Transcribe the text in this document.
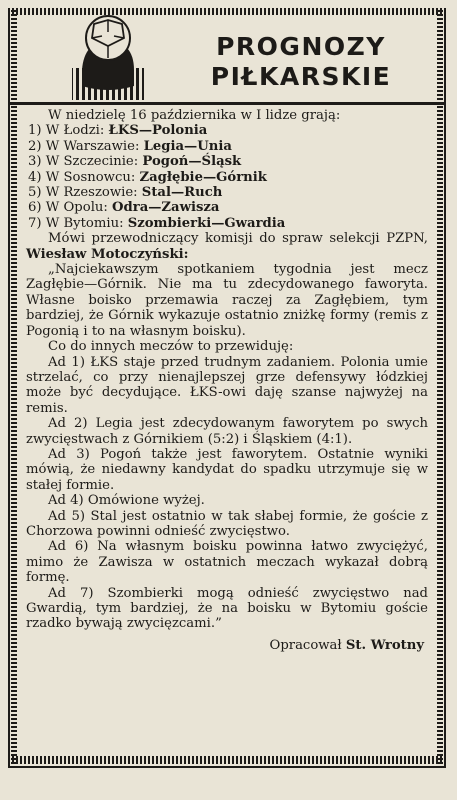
PROGNOZY
PIŁKARSKIE

W niedzielę 16 października w I lidze grają:

1) W Łodzi: ŁKS—Polonia

2) W Warszawie: Legia—Unia

3) W Szczecinie: Pogoń—Śląsk

4) W Sosnowcu: Zagłębie—Górnik

5) W Rzeszowie: Stal—Ruch

6) W Opolu: Odra—Zawisza

7) W Bytomiu: Szombierki—Gwardia

Mówi przewodniczący komisji do spraw selekcji PZPN, Wiesław Motoczyński:

„Najciekawszym spotkaniem tygodnia jest mecz Zagłębie—Górnik. Nie ma tu zdecydowanego faworyta. Własne boisko przemawia raczej za Zagłębiem, tym bardziej, że Górnik wykazuje ostatnio zniżkę formy (remis z Pogonią i to na własnym boisku).

Co do innych meczów to przewiduję:

Ad 1) ŁKS staje przed trudnym zadaniem. Polonia umie strzelać, co przy nienajlepszej grze defensywy łódzkiej może być decydujące. ŁKS-owi daję szanse najwyżej na remis.

Ad 2) Legia jest zdecydowanym faworytem po swych zwycięstwach z Górnikiem (5:2) i Śląskiem (4:1).

Ad 3) Pogoń także jest faworytem. Ostatnie wyniki mówią, że niedawny kandydat do spadku utrzymuje się w stałej formie.

Ad 4) Omówione wyżej.

Ad 5) Stal jest ostatnio w tak słabej formie, że goście z Chorzowa powinni odnieść zwycięstwo.

Ad 6) Na własnym boisku powinna łatwo zwyciężyć, mimo że Zawisza w ostatnich meczach wykazał dobrą formę.

Ad 7) Szombierki mogą odnieść zwycięstwo nad Gwardią, tym bardziej, że na boisku w Bytomiu goście rzadko bywają zwycięzcami.”

Opracował St. Wrotny
